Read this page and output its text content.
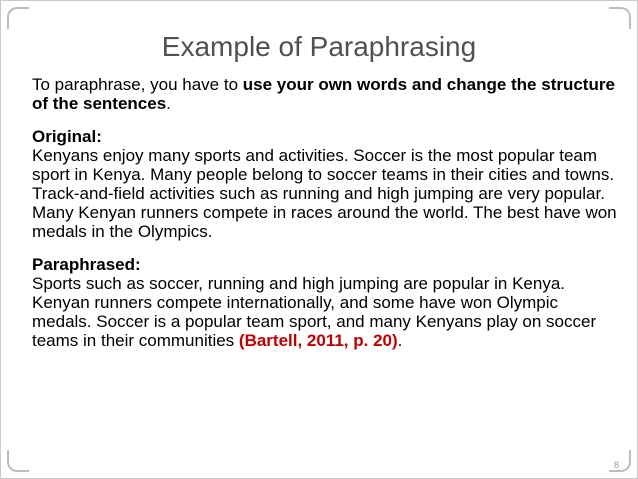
Example of Paraphrasing

To paraphrase, you have to use your own words and change the structure of the sentences.

Original:

Kenyans enjoy many sports and activities. Soccer is the most popular team sport in Kenya. Many people belong to soccer teams in their cities and towns. Track-and-field activities such as running and high jumping are very popular. Many Kenyan runners compete in races around the world. The best have won medals in the Olympics.

Paraphrased:

Sports such as soccer, running and high jumping are popular in Kenya. Kenyan runners compete internationally, and some have won Olympic medals. Soccer is a popular team sport, and many Kenyans play on soccer teams in their communities (Bartell, 2011, p. 20).

8
